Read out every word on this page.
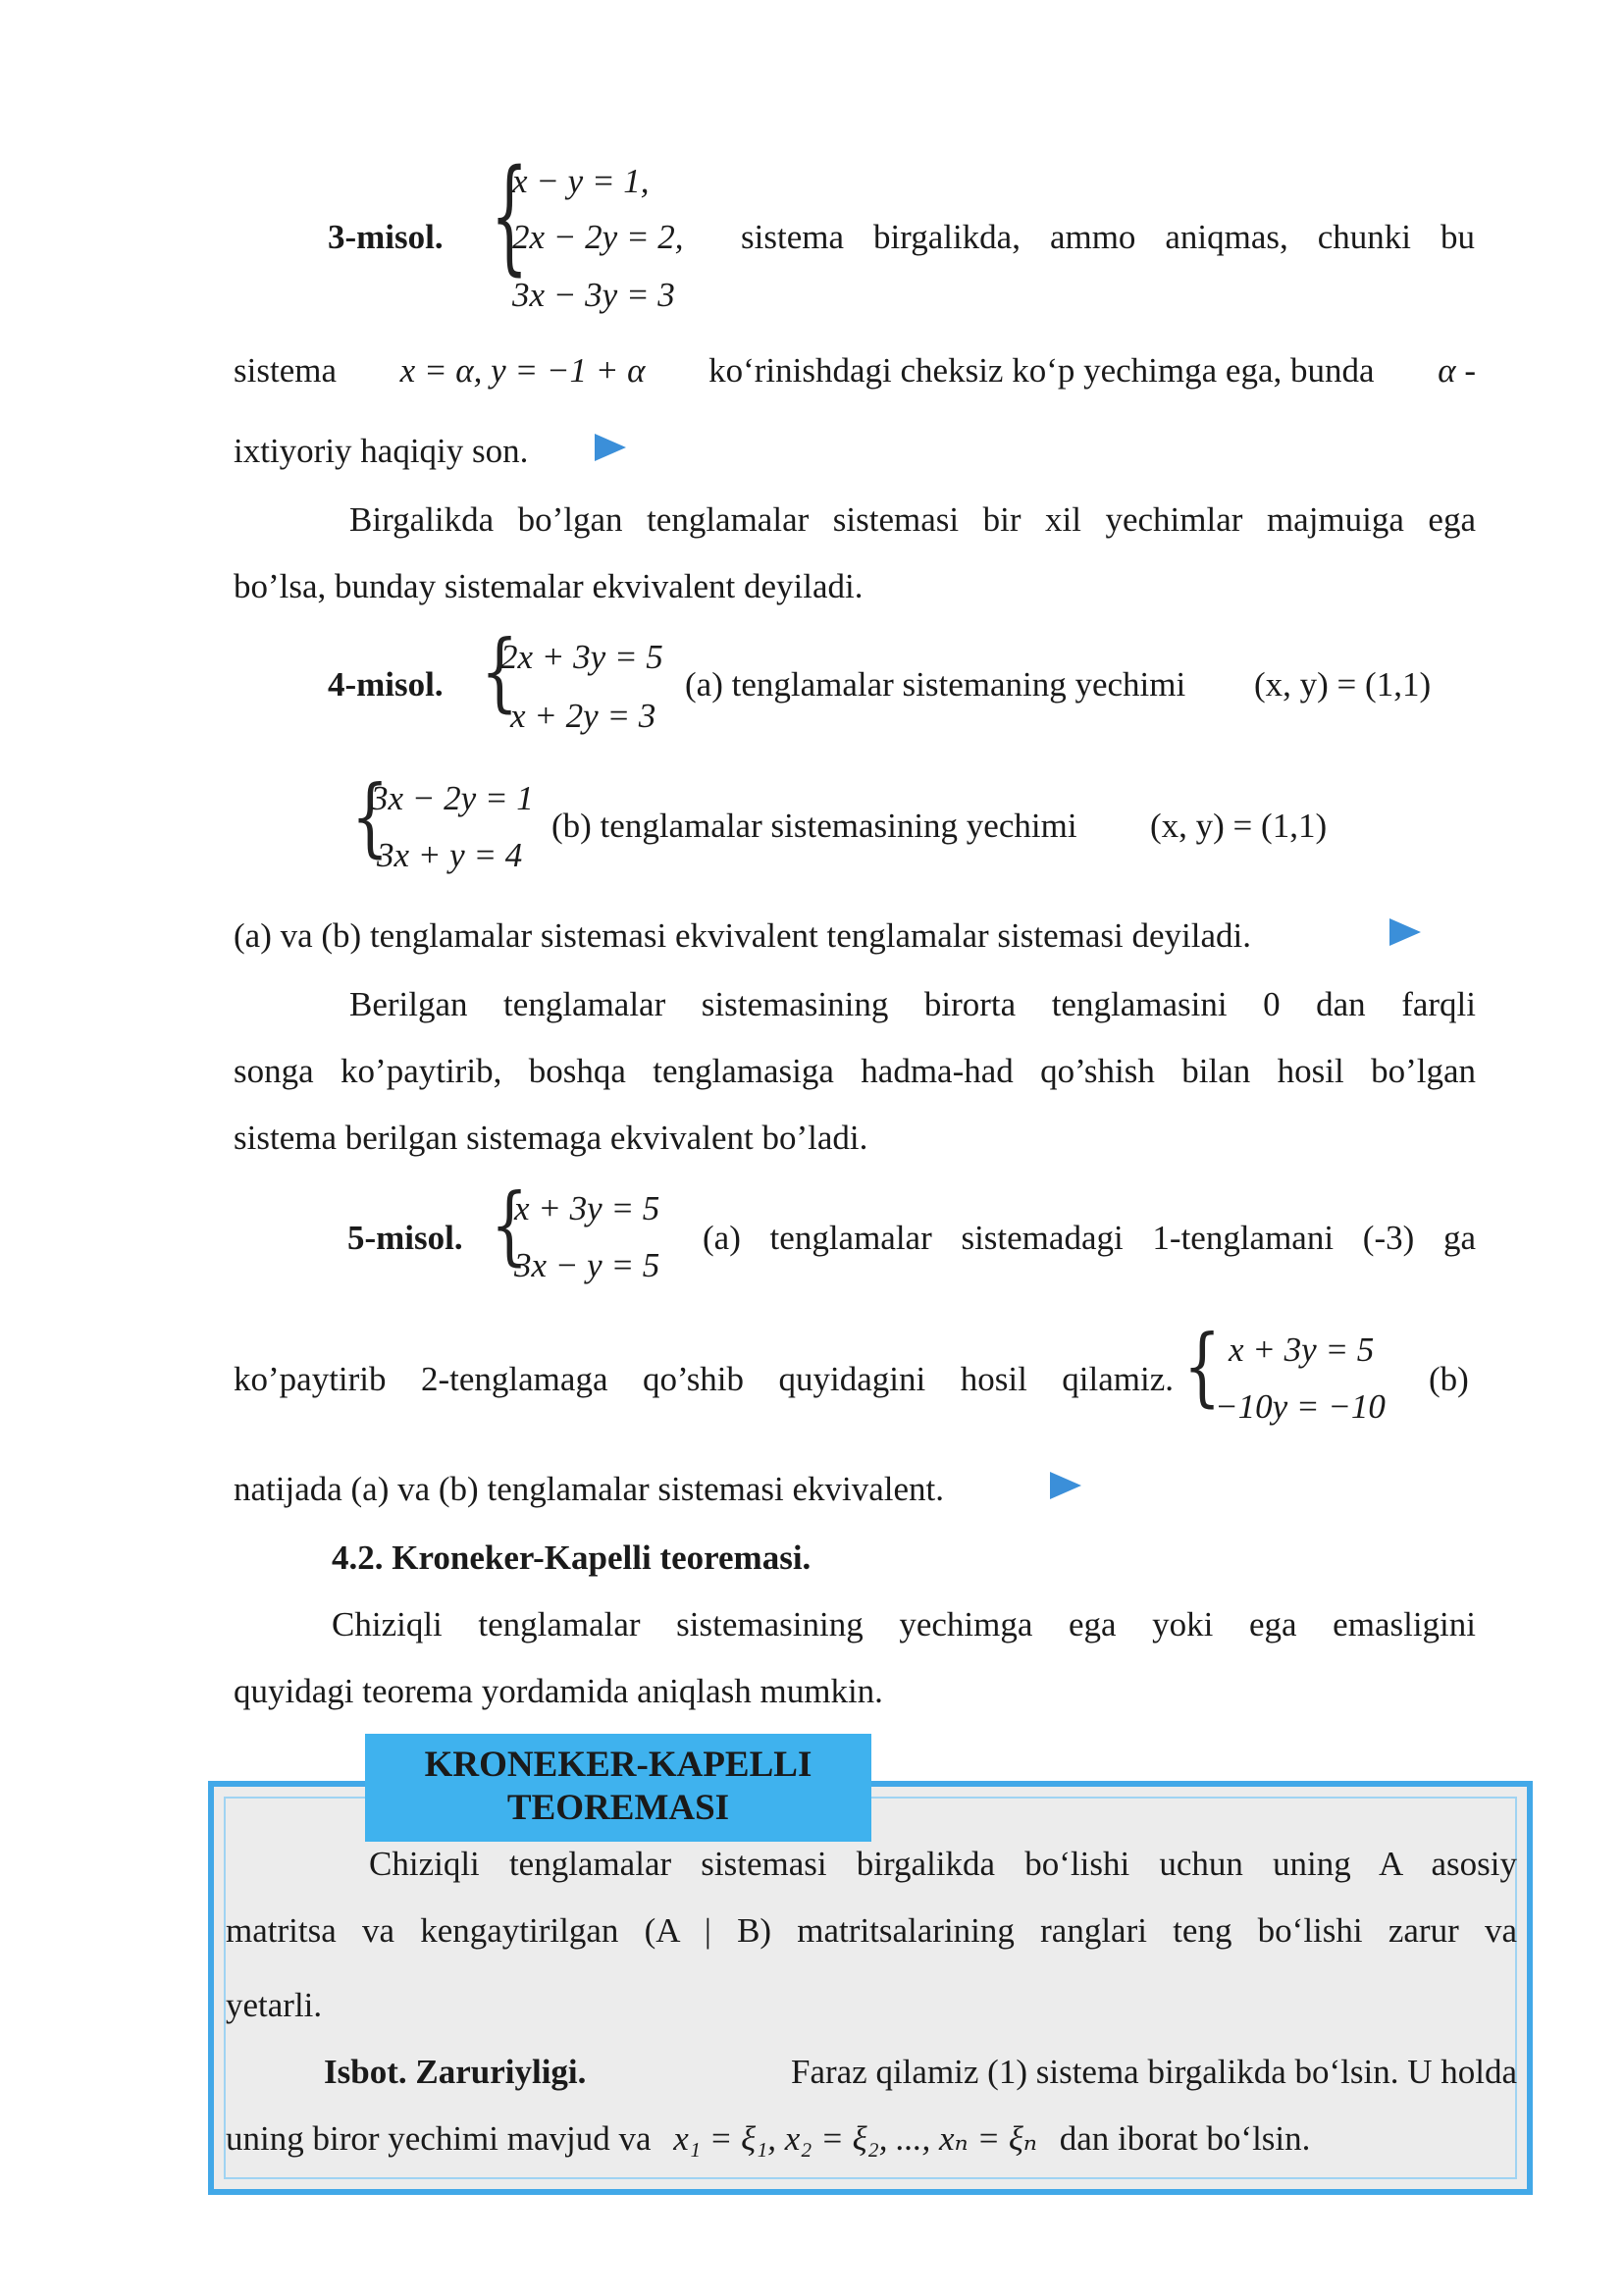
3-misol. {
x − y = 1,
2x − 2y = 2,
3x − 3y = 3
sistema birgalikda, ammo aniqmas, chunki bu
sistema x = α, y = −1 + α ko‘rinishdagi cheksiz ko‘p yechimga ega, bunda α -
ixtiyoriy haqiqiy son.
Birgalikda bo’lgan tenglamalar sistemasi bir xil yechimlar majmuiga ega
bo’lsa, bunday sistemalar ekvivalent deyiladi.
4-misol. {
2x + 3y = 5
x + 2y = 3
(a) tenglamalar sistemaning yechimi (x, y) = (1,1)
{
3x − 2y = 1
3x + y = 4
(b) tenglamalar sistemasining yechimi (x, y) = (1,1)
(a) va (b) tenglamalar sistemasi ekvivalent tenglamalar sistemasi deyiladi.
Berilgan tenglamalar sistemasining birorta tenglamasini 0 dan farqli
songa ko’paytirib, boshqa tenglamasiga hadma-had qo’shish bilan hosil bo’lgan
sistema berilgan sistemaga ekvivalent bo’ladi.
5-misol. {
x + 3y = 5
3x − y = 5
(a) tenglamalar sistemadagi 1-tenglamani (-3) ga
ko’paytirib 2-tenglamaga qo’shib quyidagini hosil qilamiz. { x + 3y = 5
−10y = −10
(b)
natijada (a) va (b) tenglamalar sistemasi ekvivalent.
4.2. Kroneker-Kapelli teoremasi.
Chiziqli tenglamalar sistemasining yechimga ega yoki ega emasligini
quyidagi teorema yordamida aniqlash mumkin.
KRONEKER-KAPELLI
TEOREMASI
Chiziqli tenglamalar sistemasi birgalikda bo‘lishi uchun uning A asosiy
matritsa va kengaytirilgan (A | B) matritsalarining ranglari teng bo‘lishi zarur va
yetarli.
Isbot. Zaruriyligi.	Faraz qilamiz (1) sistema birgalikda bo‘lsin. U holda
uning biror yechimi mavjud va x₁ = ξ₁, x₂ = ξ₂, ..., xₙ = ξₙ dan iborat bo‘lsin.
